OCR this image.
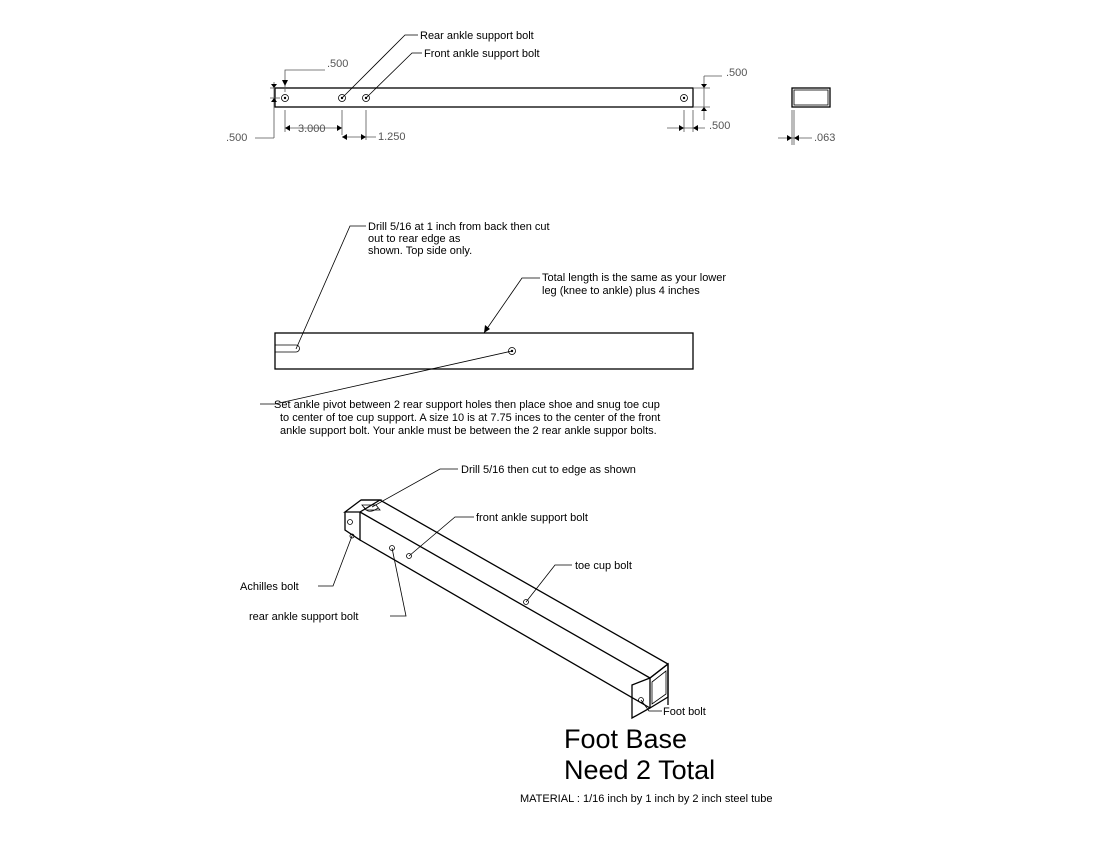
Rear ankle support bolt
Front ankle support bolt
.500
.500
3.000
1.250
.500
.500
.063
Drill 5/16 at 1 inch from back then cut out to rear edge as shown. Top side only.
Total length is the same as your lower leg (knee to ankle) plus 4 inches
Set ankle pivot between 2 rear support holes then place shoe and snug toe cup to center of toe cup support. A size 10 is at 7.75 inces to the center of the front ankle support bolt. Your ankle must be between the 2 rear ankle suppor bolts.
Drill 5/16 then cut to edge as shown
front ankle support bolt
toe cup bolt
Achilles bolt
rear ankle support bolt
Foot bolt
Foot Base
Need 2 Total
MATERIAL : 1/16 inch by 1 inch by 2 inch steel tube
